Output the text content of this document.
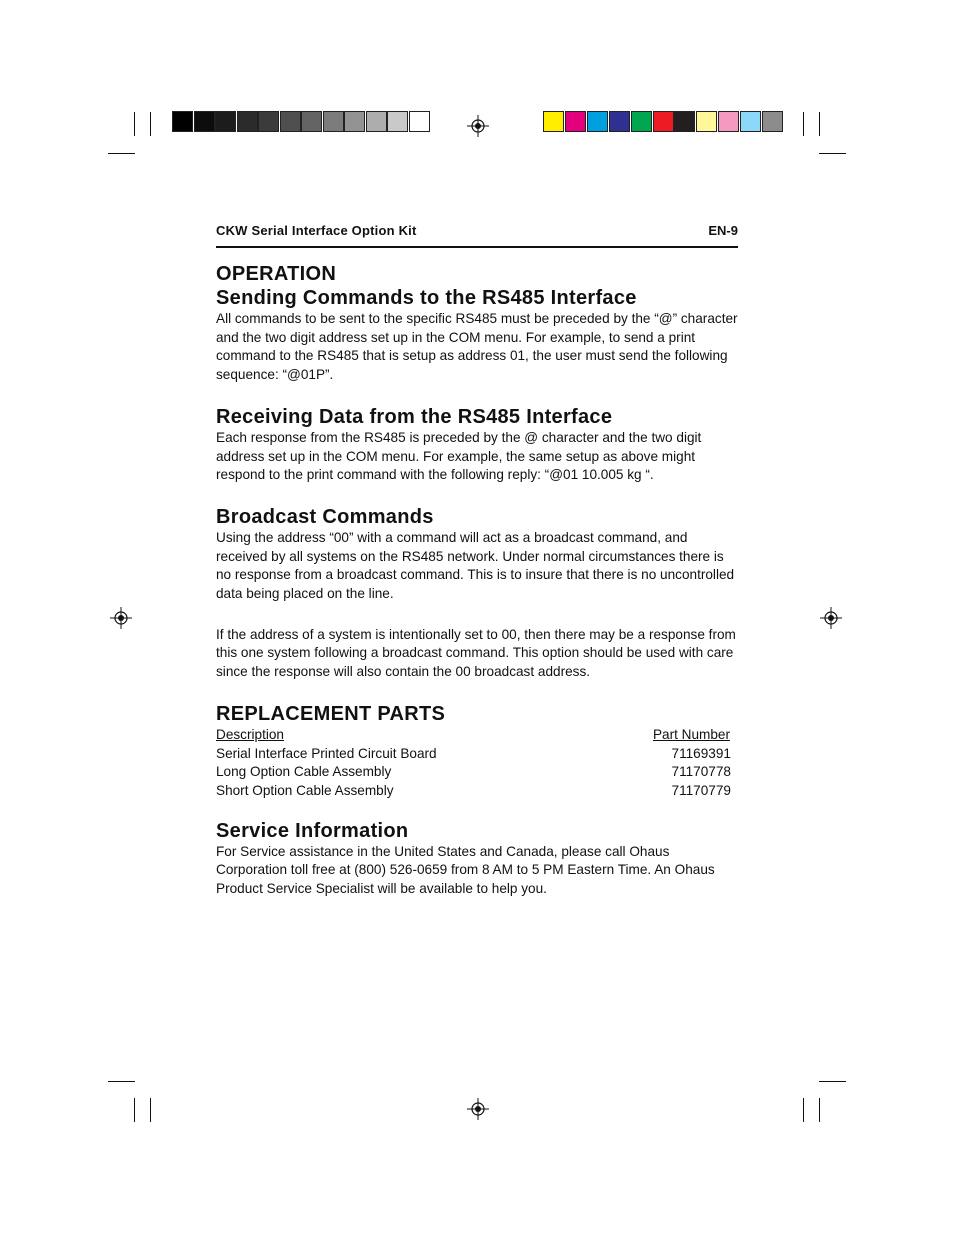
CKW Serial Interface Option Kit	EN-9
OPERATION
Sending Commands to the RS485 Interface

All commands to be sent to the specific RS485 must be preceded by the “@” character and the two digit address set up in the COM menu. For example, to send a print command to the RS485 that is setup as address 01, the user must send the following sequence: “@01P”.

Receiving Data from the RS485 Interface

Each response from the RS485 is preceded by the @ character and the two digit address set up in the COM menu. For example, the same setup as above might respond to the print command with the following reply: “@01 10.005 kg “.

Broadcast Commands

Using the address “00” with a command will act as a broadcast command, and received by all systems on the RS485 network. Under normal circumstances there is no response from a broadcast command. This is to insure that there is no uncontrolled data being placed on the line.

If the address of a system is intentionally set to 00, then there may be a response from this one system following a broadcast command. This option should be used with care since the response will also contain the 00 broadcast address.

REPLACEMENT PARTS
Description	Part Number
Serial Interface Printed Circuit Board	71169391
Long Option Cable Assembly	71170778
Short Option Cable Assembly	71170779
Service Information

For Service assistance in the United States and Canada, please call Ohaus Corporation toll free at (800) 526-0659 from 8 AM to 5 PM Eastern Time. An Ohaus Product Service Specialist will be available to help you.
